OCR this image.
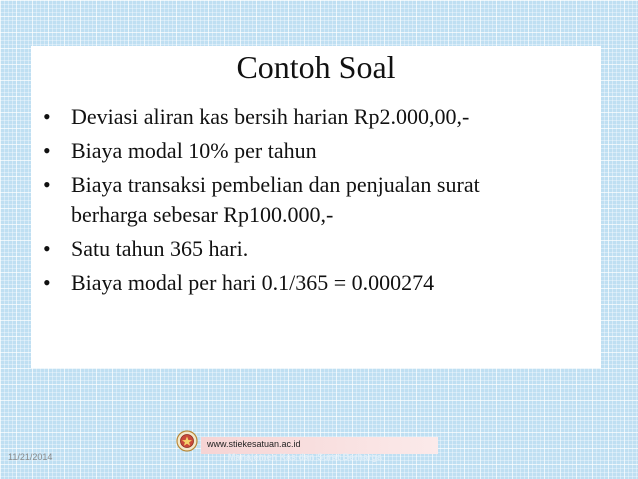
Contoh Soal
• Deviasi aliran kas bersih harian Rp2.000,00,-
• Biaya modal 10% per tahun
• Biaya transaksi pembelian dan penjualan surat
berharga sebesar Rp100.000,-
• Satu tahun 365 hari.
• Biaya modal per hari 0.1/365 = 0.000274
11/21/2014
www.stiekesatuan.ac.id
Manajemen Kas dan Surat Berharga
